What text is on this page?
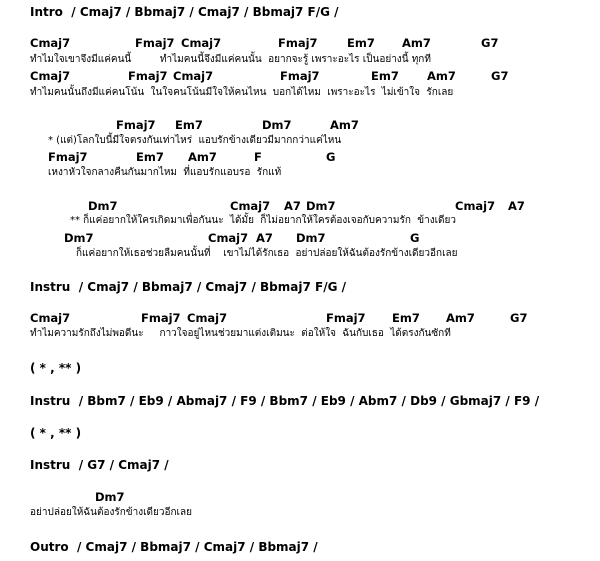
Intro  / Cmaj7 / Bbmaj7 / Cmaj7 / Bbmaj7 F/G /
Cmaj7	Fmaj7 Cmaj7	Fmaj7	Em7 Am7	G7
ทำไมใจเขาจึงมีแค่คนนี้         ทำไมคนนี้จึงมีแค่คนนั้น  อยากจะรู้ เพราะอะไร เป็นอย่างนี้ ทุกที
Cmaj7	Fmaj7 Cmaj7	Fmaj7	Em7 Am7	G7
ทำไมคนนั้นถึงมีแค่คนโน้น  ในใจคนโน้นมีใจให้คนไหน  บอกได้ไหม  เพราะอะไร  ไม่เข้าใจ  รักเลย
Fmaj7 Em7	Dm7	Am7
* (แต่)โลกใบนี้มีใจตรงกันเท่าไหร่  แอบรักข้างเดียวมีมากกว่าแค่ไหน
Fmaj7	Em7 Am7	F	G
เหงาหัวใจกลางคืนกันมากไหม  ที่แอบรักแอบรอ  รักแท้
Dm7	Cmaj7 A7 Dm7	Cmaj7 A7
** ก็แค่อยากให้ใครเกิดมาเพื่อกันนะ  ได้มั้ย  ก็ไม่อยากให้ใครต้องเจอกับความรัก  ข้างเดียว
Dm7	Cmaj7 A7 Dm7	G
ก็แค่อยากให้เธอช่วยลืมคนนั้นที่    เขาไม่ได้รักเธอ  อย่าปล่อยให้ฉันต้องรักข้างเดียวอีกเลย
Instru  / Cmaj7 / Bbmaj7 / Cmaj7 / Bbmaj7 F/G /
Cmaj7	Fmaj7 Cmaj7	Fmaj7 Em7 Am7	G7
ทำไมความรักถึงไม่พอดีนะ     กาวใจอยู่ไหนช่วยมาแต่งเติมนะ  ต่อให้ใจ  ฉันกับเธอ  ได้ตรงกันซักที
( * , ** )
Instru  / Bbm7 / Eb9 / Abmaj7 / F9 / Bbm7 / Eb9 / Abm7 / Db9 / Gbmaj7 / F9 /
( * , ** )
Instru  / G7 / Cmaj7 /
Dm7
อย่าปล่อยให้ฉันต้องรักข้างเดียวอีกเลย
Outro  / Cmaj7 / Bbmaj7 / Cmaj7 / Bbmaj7 /
